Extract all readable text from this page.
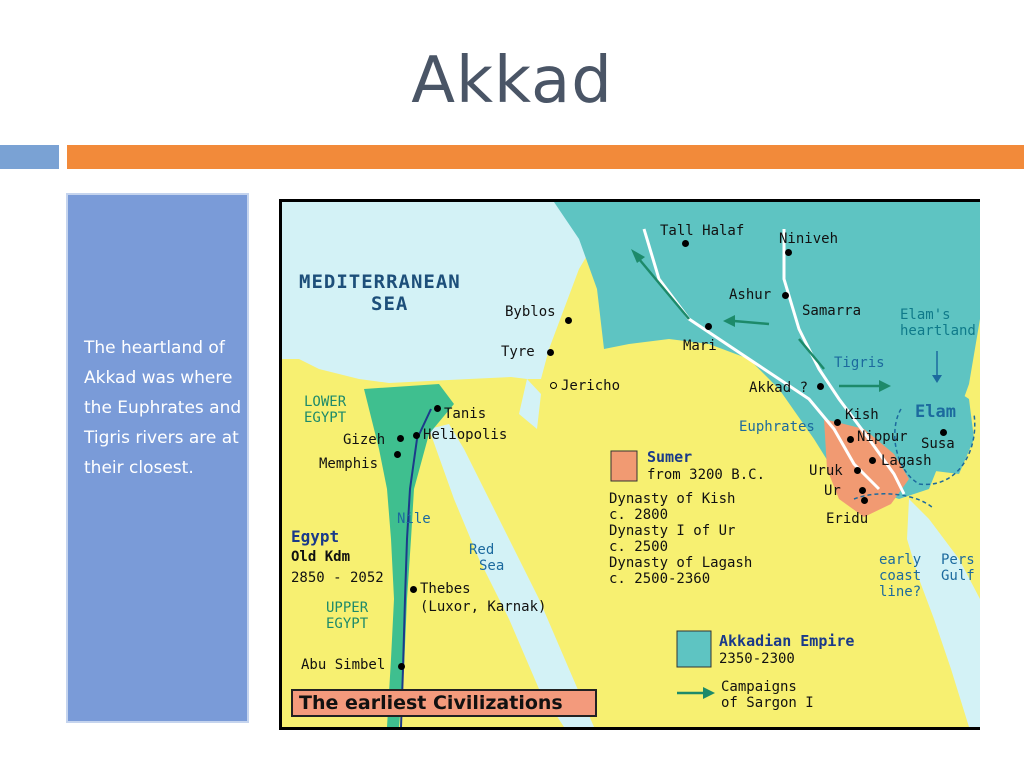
Akkad

The heartland of Akkad was where the Euphrates and Tigris rivers are at their closest.

MEDITERRANEAN
SEA
Red
Sea	Pers
Gulf
LOWER
EGYPT
UPPER
EGYPT
Egypt
Old Kdm
2850 - 2052
Nile
Tigris
Euphrates
Tall Halaf Niniveh
Ashur
Samarra
Mari
Akkad ?
Kish
Nippur
Lagash
Uruk
Ur
Eridu
Susa
Elam
Byblos
Tyre
Jericho
Tanis
Heliopolis
Gizeh
Memphis
Thebes
(Luxor, Karnak)
Abu Simbel
Elam's
heartland
early
coast
line?
Sumer
from 3200 B.C.
Dynasty of Kish
c. 2800
Dynasty I of Ur
c. 2500
Dynasty of Lagash
c. 2500-2360
Akkadian Empire
2350-2300
Campaigns
of Sargon I
The earliest Civilizations
